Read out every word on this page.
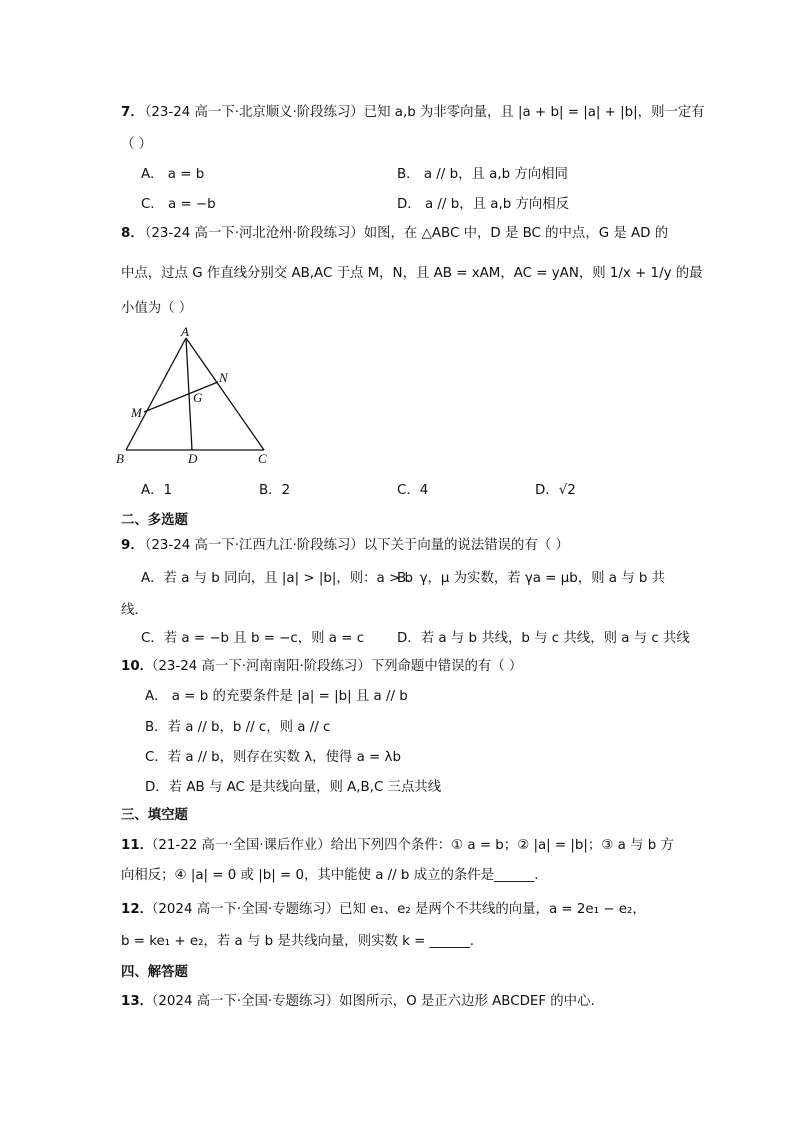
7．
（23-24 高一下·北京顺义·阶段练习）已知 a,b 为非零向量，且 |a + b| = |a| + |b|，则一定有
（ ）
A． a = b	B． a // b，且 a,b 方向相同
C． a = −b	D． a // b，且 a,b 方向相反
8．
（23-24 高一下·河北沧州·阶段练习）如图，在 △ABC 中，D 是 BC 的中点，G 是 AD 的
中点，过点 G 作直线分别交 AB,AC 于点 M，N，且 AB = xAM，AC = yAN，则 1/x + 1/y 的最
小值为（ ）
A
B	C
D
M
N
G
A．1	B．2	C．4	D．√2
二、多选题
9．
（23-24 高一下·江西九江·阶段练习）以下关于向量的说法错误的有（ ）
A．若 a 与 b 同向，且 |a| > |b|，则：a > b
B．γ，μ 为实数，若 γa = μb，则 a 与 b 共
线．
C．若 a = −b 且 b = −c，则 a = c D．若 a 与 b 共线，b 与 c 共线，则 a 与 c 共线
10．
（23-24 高一下·河南南阳·阶段练习）下列命题中错误的有（ ）
A． a = b 的充要条件是 |a| = |b| 且 a // b
B．若 a // b，b // c，则 a // c
C．若 a // b，则存在实数 λ，使得 a = λb
D．若 AB 与 AC 是共线向量，则 A,B,C 三点共线
三、填空题
11．
（21-22 高一·全国·课后作业）给出下列四个条件：① a = b；② |a| = |b|；③ a 与 b 方
向相反；④ |a| = 0 或 |b| = 0，其中能使 a // b 成立的条件是______.
12．
（2024 高一下·全国·专题练习）已知 e₁、e₂ 是两个不共线的向量，a = 2e₁ − e₂，
b = ke₁ + e₂，若 a 与 b 是共线向量，则实数 k = ______.
四、解答题
13．
（2024 高一下·全国·专题练习）如图所示，O 是正六边形 ABCDEF 的中心.
